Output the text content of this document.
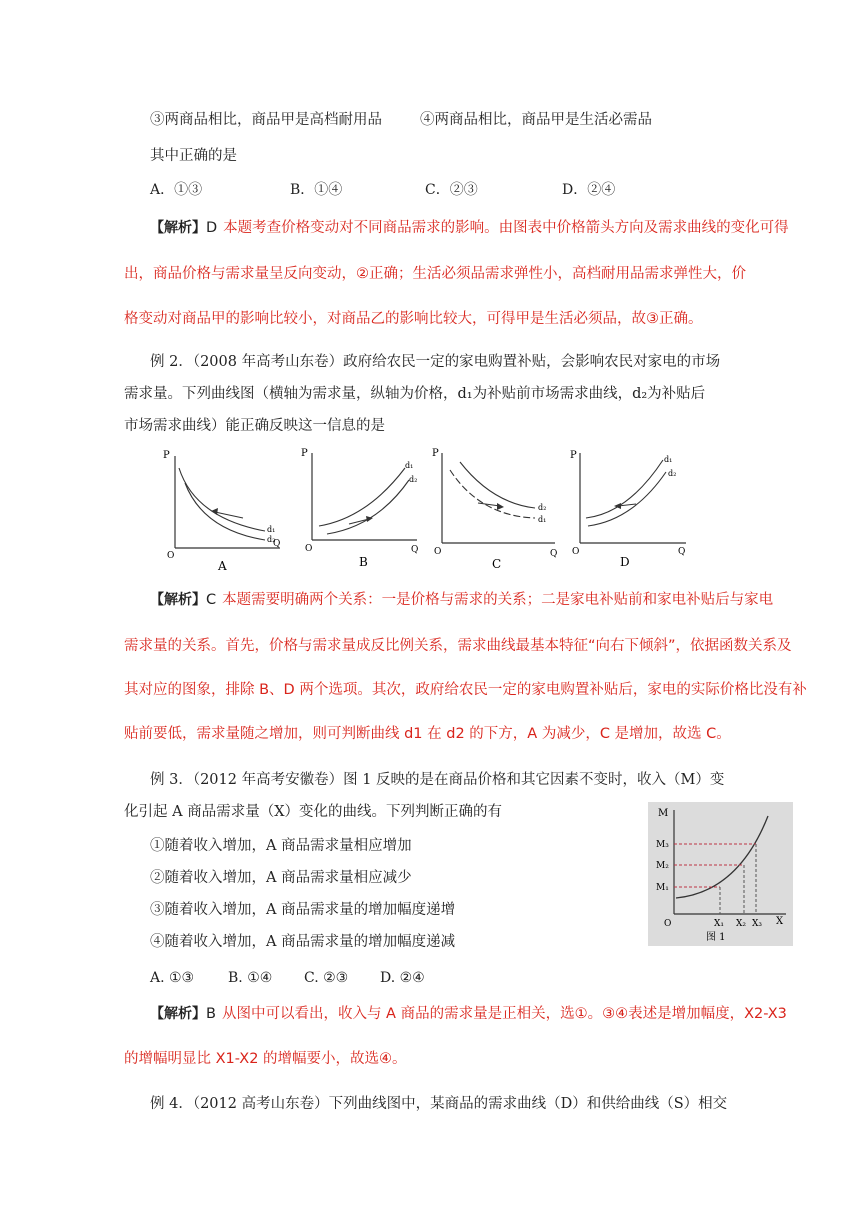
③两商品相比，商品甲是高档耐用品	④两商品相比，商品甲是生活必需品
其中正确的是
A．①③	B．①④	C．②③	D．②④
【解析】D 本题考查价格变动对不同商品需求的影响。由图表中价格箭头方向及需求曲线的变化可得
出，商品价格与需求量呈反向变动，②正确；生活必须品需求弹性小，高档耐用品需求弹性大，价
格变动对商品甲的影响比较小，对商品乙的影响比较大，可得甲是生活必须品，故③正确。
例 2．（2008 年高考山东卷）政府给农民一定的家电购置补贴，会影响农民对家电的市场
需求量。下列曲线图（横轴为需求量，纵轴为价格，d₁为补贴前市场需求曲线，d₂为补贴后
市场需求曲线）能正确反映这一信息的是
P
Q
O
d₁
d₂
A
P
Q
O
d₁
d₂
B
P
Q
O
d₂
d₁
C
P
Q
O
d₁
d₂
D
【解析】C 本题需要明确两个关系：一是价格与需求的关系；二是家电补贴前和家电补贴后与家电
需求量的关系。首先，价格与需求量成反比例关系，需求曲线最基本特征“向右下倾斜”，依据函数关系及
其对应的图象，排除 B、D 两个选项。其次，政府给农民一定的家电购置补贴后，家电的实际价格比没有补
贴前要低，需求量随之增加，则可判断曲线 d1 在 d2 的下方，A 为减少，C 是增加，故选 C。
例 3．（2012 年高考安徽卷）图 1 反映的是在商品价格和其它因素不变时，收入（M）变
化引起 A 商品需求量（X）变化的曲线。下列判断正确的有
①随着收入增加，A 商品需求量相应增加
②随着收入增加，A 商品需求量相应减少
③随着收入增加，A 商品需求量的增加幅度递增
④随着收入增加，A 商品需求量的增加幅度递减
A. ①③ B. ①④ C. ②③ D. ②④
M
M₃
M₂
M₁
O	X₁ X₂ X₃ X
图 1
【解析】B 从图中可以看出，收入与 A 商品的需求量是正相关，选①。③④表述是增加幅度，X2-X3
的增幅明显比 X1-X2 的增幅要小，故选④。
例 4．（2012 高考山东卷）下列曲线图中，某商品的需求曲线（D）和供给曲线（S）相交
